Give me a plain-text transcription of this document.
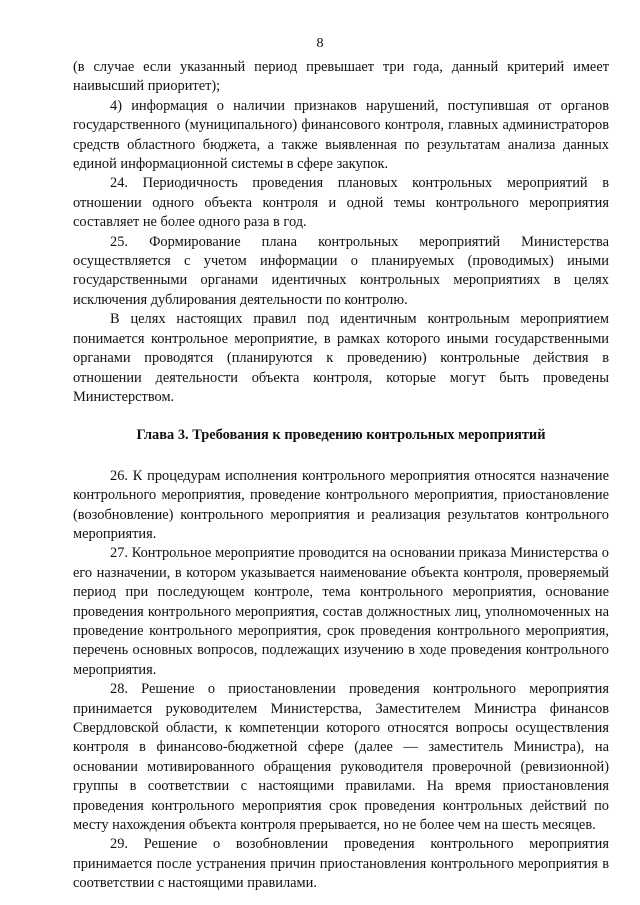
8

(в случае если указанный период превышает три года, данный критерий имеет наивысший приоритет);

4) информация о наличии признаков нарушений, поступившая от органов государственного (муниципального) финансового контроля, главных администраторов средств областного бюджета, а также выявленная по результатам анализа данных единой информационной системы в сфере закупок.

24. Периодичность проведения плановых контрольных мероприятий в отношении одного объекта контроля и одной темы контрольного мероприятия составляет не более одного раза в год.

25. Формирование плана контрольных мероприятий Министерства осуществляется с учетом информации о планируемых (проводимых) иными государственными органами идентичных контрольных мероприятиях в целях исключения дублирования деятельности по контролю.

В целях настоящих правил под идентичным контрольным мероприятием понимается контрольное мероприятие, в рамках которого иными государственными органами проводятся (планируются к проведению) контрольные действия в отношении деятельности объекта контроля, которые могут быть проведены Министерством.

Глава 3. Требования к проведению контрольных мероприятий

26. К процедурам исполнения контрольного мероприятия относятся назначение контрольного мероприятия, проведение контрольного мероприятия, приостановление (возобновление) контрольного мероприятия и реализация результатов контрольного мероприятия.

27. Контрольное мероприятие проводится на основании приказа Министерства о его назначении, в котором указывается наименование объекта контроля, проверяемый период при последующем контроле, тема контрольного мероприятия, основание проведения контрольного мероприятия, состав должностных лиц, уполномоченных на проведение контрольного мероприятия, срок проведения контрольного мероприятия, перечень основных вопросов, подлежащих изучению в ходе проведения контрольного мероприятия.

28. Решение о приостановлении проведения контрольного мероприятия принимается руководителем Министерства, Заместителем Министра финансов Свердловской области, к компетенции которого относятся вопросы осуществления контроля в финансово-бюджетной сфере (далее — заместитель Министра), на основании мотивированного обращения руководителя проверочной (ревизионной) группы в соответствии с настоящими правилами. На время приостановления проведения контрольного мероприятия срок проведения контрольных действий по месту нахождения объекта контроля прерывается, но не более чем на шесть месяцев.

29. Решение о возобновлении проведения контрольного мероприятия принимается после устранения причин приостановления контрольного мероприятия в соответствии с настоящими правилами.
